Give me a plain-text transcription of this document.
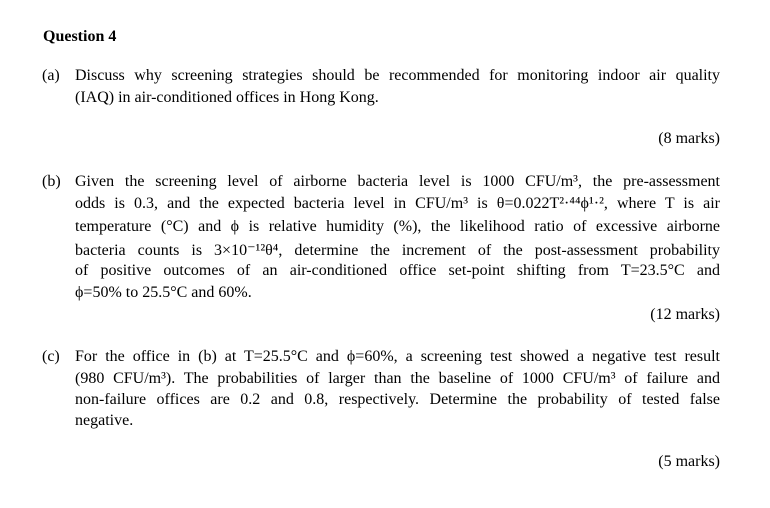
Question 4
(a) Discuss why screening strategies should be recommended for monitoring indoor air quality
(IAQ) in air-conditioned offices in Hong Kong.
(8 marks)
(b) Given the screening level of airborne bacteria level is 1000 CFU/m³, the pre-assessment
odds is 0.3, and the expected bacteria level in CFU/m³ is θ=0.022T²·⁴⁴ϕ¹·², where T is air
temperature (°C) and ϕ is relative humidity (%), the likelihood ratio of excessive airborne
bacteria counts is 3×10⁻¹²θ⁴, determine the increment of the post-assessment probability
of positive outcomes of an air-conditioned office set-point shifting from T=23.5°C and
ϕ=50% to 25.5°C and 60%.
(12 marks)
(c) For the office in (b) at T=25.5°C and ϕ=60%, a screening test showed a negative test result
(980 CFU/m³). The probabilities of larger than the baseline of 1000 CFU/m³ of failure and
non-failure offices are 0.2 and 0.8, respectively. Determine the probability of tested false
negative.
(5 marks)
